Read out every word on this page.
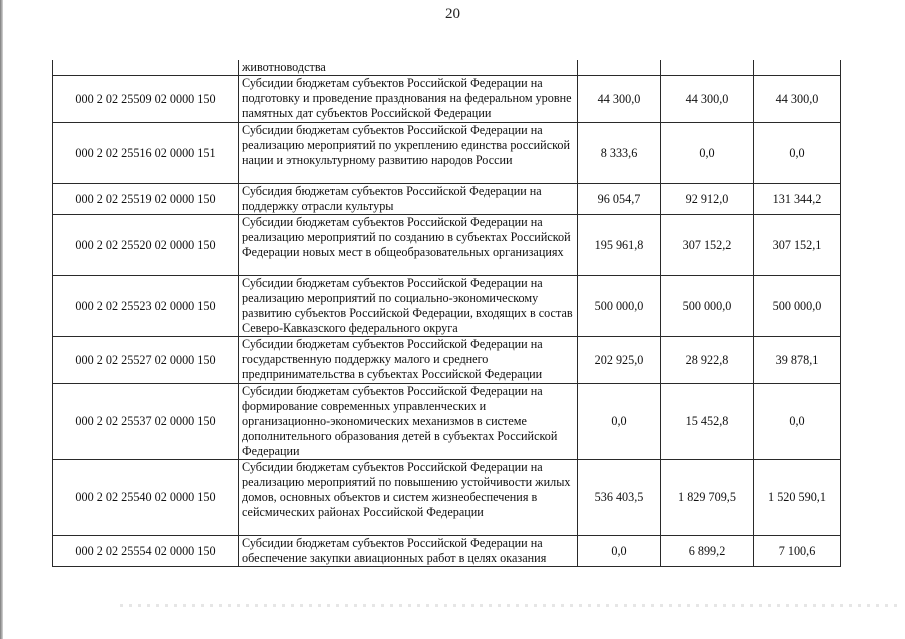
20
	животноводства			
000 2 02 25509 02 0000 150	Субсидии бюджетам субъектов Российской Федерации на подготовку и проведение празднования на федеральном уровне памятных дат субъектов Российской Федерации	44 300,0	44 300,0	44 300,0
000 2 02 25516 02 0000 151	Субсидии бюджетам субъектов Российской Федерации на реализацию мероприятий по укреплению единства российской нации и этнокультурному развитию народов России	8 333,6	0,0	0,0
000 2 02 25519 02 0000 150	Субсидия бюджетам субъектов Российской Федерации на поддержку отрасли культуры	96 054,7	92 912,0	131 344,2
000 2 02 25520 02 0000 150	Субсидии бюджетам субъектов Российской Федерации на реализацию мероприятий по созданию в субъектах Российской Федерации новых мест в общеобразовательных организациях	195 961,8	307 152,2	307 152,1
000 2 02 25523 02 0000 150	Субсидии бюджетам субъектов Российской Федерации на реализацию мероприятий по социально-экономическому развитию субъектов Российской Федерации, входящих в состав Северо-Кавказского федерального округа	500 000,0	500 000,0	500 000,0
000 2 02 25527 02 0000 150	Субсидии бюджетам субъектов Российской Федерации на государственную поддержку малого и среднего предпринимательства в субъектах Российской Федерации	202 925,0	28 922,8	39 878,1
000 2 02 25537 02 0000 150	Субсидии бюджетам субъектов Российской Федерации на формирование современных управленческих и организационно-экономических механизмов в системе дополнительного образования детей в субъектах Российской Федерации	0,0	15 452,8	0,0
000 2 02 25540 02 0000 150	Субсидии бюджетам субъектов Российской Федерации на реализацию мероприятий по повышению устойчивости жилых домов, основных объектов и систем жизнеобеспечения в сейсмических районах Российской Федерации	536 403,5	1 829 709,5	1 520 590,1
000 2 02 25554 02 0000 150	Субсидии бюджетам субъектов Российской Федерации на обеспечение закупки авиационных работ в целях оказания	0,0	6 899,2	7 100,6
